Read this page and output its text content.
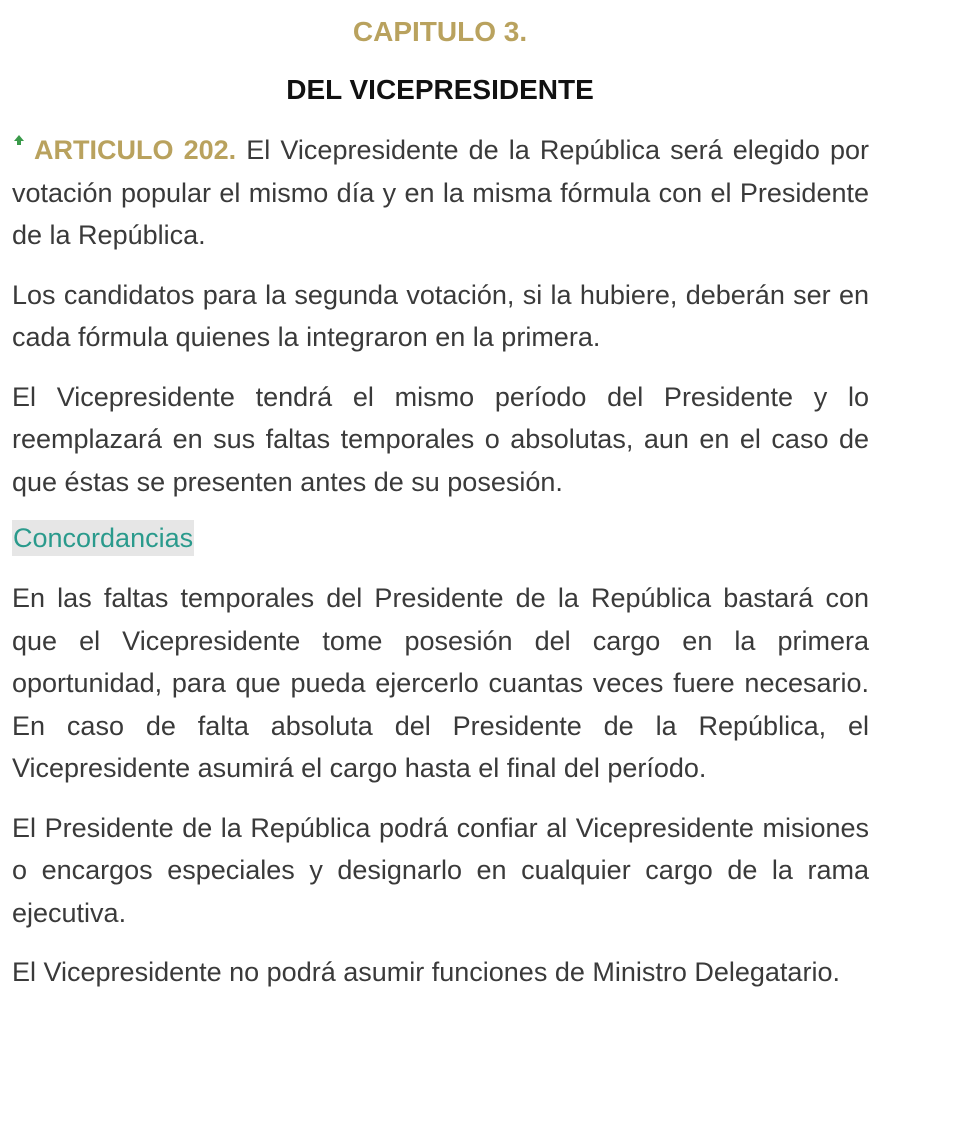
CAPITULO 3.
DEL VICEPRESIDENTE

ARTICULO 202. El Vicepresidente de la República será elegido por votación popular el mismo día y en la misma fórmula con el Presidente de la República.

Los candidatos para la segunda votación, si la hubiere, deberán ser en cada fórmula quienes la integraron en la primera.

El Vicepresidente tendrá el mismo período del Presidente y lo reemplazará en sus faltas temporales o absolutas, aun en el caso de que éstas se presenten antes de su posesión.

Concordancias

En las faltas temporales del Presidente de la República bastará con que el Vicepresidente tome posesión del cargo en la primera oportunidad, para que pueda ejercerlo cuantas veces fuere necesario. En caso de falta absoluta del Presidente de la República, el Vicepresidente asumirá el cargo hasta el final del período.

El Presidente de la República podrá confiar al Vicepresidente misiones o encargos especiales y designarlo en cualquier cargo de la rama ejecutiva.

El Vicepresidente no podrá asumir funciones de Ministro Delegatario.
